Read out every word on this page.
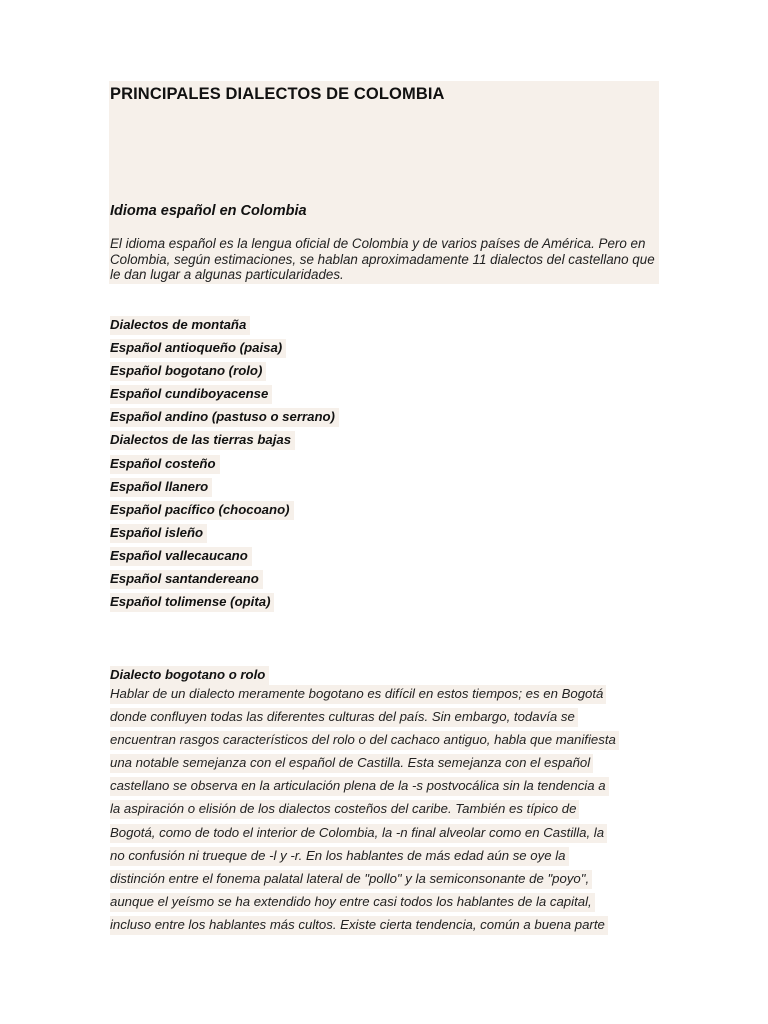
PRINCIPALES DIALECTOS DE COLOMBIA
Idioma español en Colombia

El idioma español es la lengua oficial de Colombia y de varios países de América. Pero en Colombia, según estimaciones, se hablan aproximadamente 11 dialectos del castellano que le dan lugar a algunas particularidades.

Dialectos de montaña
Español antioqueño (paisa)
Español bogotano (rolo)
Español cundiboyacense
Español andino (pastuso o serrano)
Dialectos de las tierras bajas
Español costeño
Español llanero
Español pacífico (chocoano)
Español isleño
Español vallecaucano
Español santandereano
Español tolimense (opita)
Dialecto bogotano o rolo
Hablar de un dialecto meramente bogotano es difícil en estos tiempos; es en Bogotá
donde confluyen todas las diferentes culturas del país. Sin embargo, todavía se
encuentran rasgos característicos del rolo o del cachaco antiguo, habla que manifiesta
una notable semejanza con el español de Castilla. Esta semejanza con el español
castellano se observa en la articulación plena de la -s postvocálica sin la tendencia a
la aspiración o elisión de los dialectos costeños del caribe. También es típico de
Bogotá, como de todo el interior de Colombia, la -n final alveolar como en Castilla, la
no confusión ni trueque de -l y -r. En los hablantes de más edad aún se oye la
distinción entre el fonema palatal lateral de "pollo" y la semiconsonante de "poyo",
aunque el yeísmo se ha extendido hoy entre casi todos los hablantes de la capital,
incluso entre los hablantes más cultos. Existe cierta tendencia, común a buena parte
